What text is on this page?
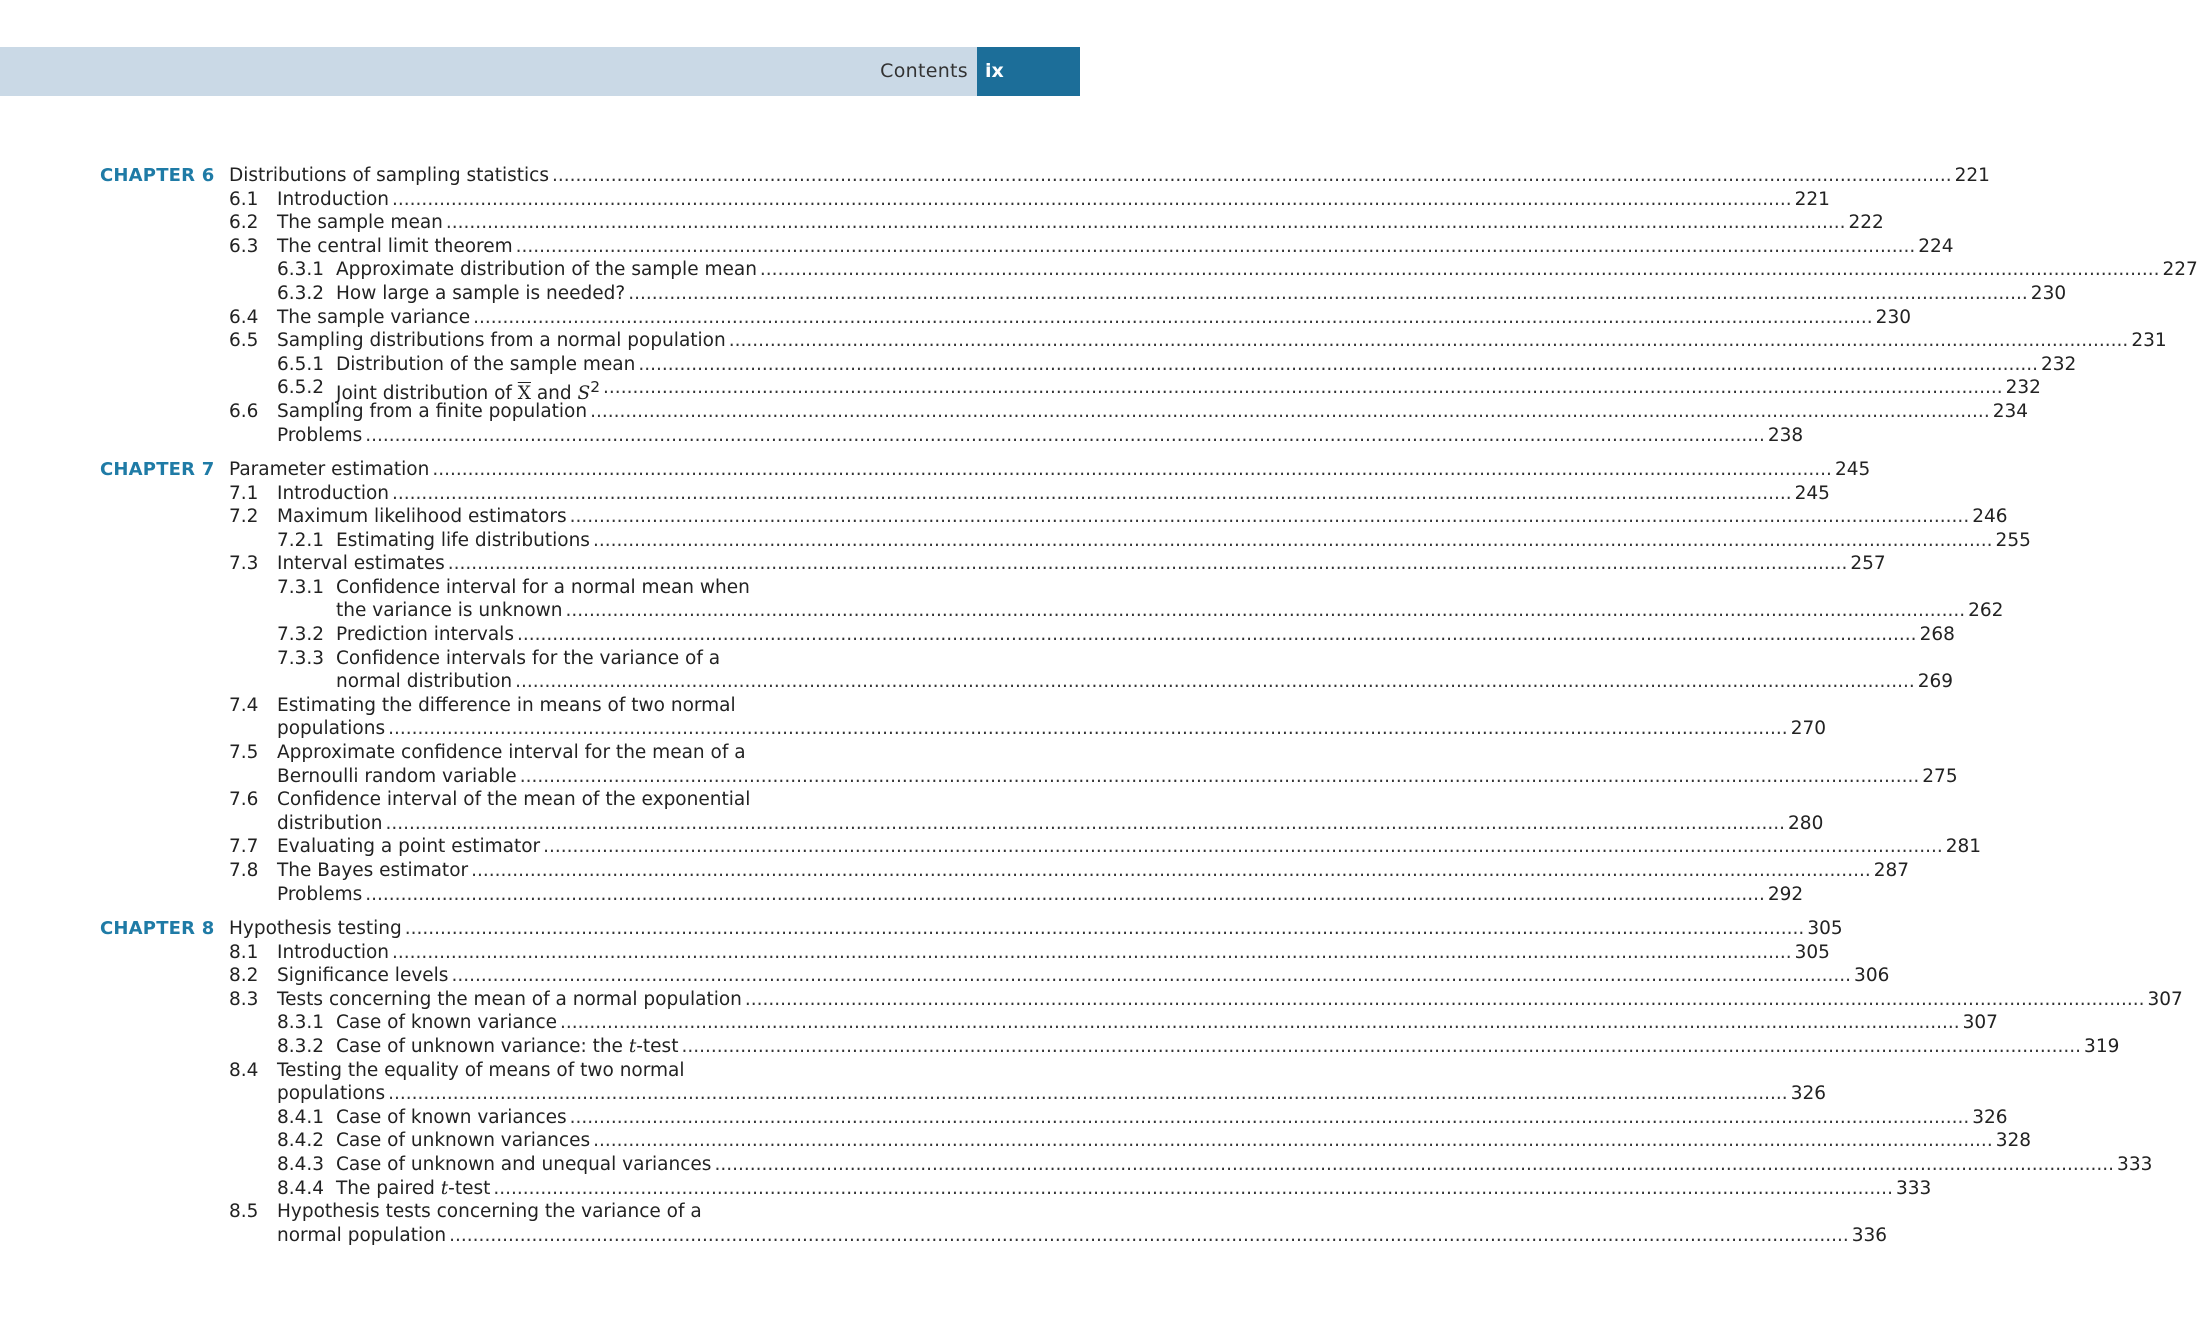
Contents ix
CHAPTER 6 Distributions of sampling statistics .....	221
6.1 Introduction .....	221
6.2 The sample mean .....	222
6.3 The central limit theorem .....	224
6.3.1 Approximate distribution of the sample mean .....	227
6.3.2 How large a sample is needed? .....	230
6.4 The sample variance .....	230
6.5 Sampling distributions from a normal population .....	231
6.5.1 Distribution of the sample mean .....	232
6.5.2 Joint distribution of $\overline{X}$ and $S^2$ .....	232
6.6 Sampling from a finite population .....	234
Problems .....	238
CHAPTER 7 Parameter estimation .....	245
7.1 Introduction .....	245
7.2 Maximum likelihood estimators .....	246
7.2.1 Estimating life distributions .....	255
7.3 Interval estimates .....	257
7.3.1 Confidence interval for a normal mean when
the variance is unknown .....	262
7.3.2 Prediction intervals .....	268
7.3.3 Confidence intervals for the variance of a
normal distribution .....	269
7.4 Estimating the difference in means of two normal
populations .....	270
7.5 Approximate confidence interval for the mean of a
Bernoulli random variable .....	275
7.6 Confidence interval of the mean of the exponential
distribution .....	280
7.7 Evaluating a point estimator .....	281
7.8 The Bayes estimator .....	287
Problems .....	292
CHAPTER 8 Hypothesis testing .....	305
8.1 Introduction .....	305
8.2 Significance levels .....	306
8.3 Tests concerning the mean of a normal population .....	307
8.3.1 Case of known variance .....	307
8.3.2 Case of unknown variance: the t-test .....	319
8.4 Testing the equality of means of two normal
populations .....	326
8.4.1 Case of known variances .....	326
8.4.2 Case of unknown variances .....	328
8.4.3 Case of unknown and unequal variances .....	333
8.4.4 The paired t-test .....	333
8.5 Hypothesis tests concerning the variance of a
normal population .....	336
